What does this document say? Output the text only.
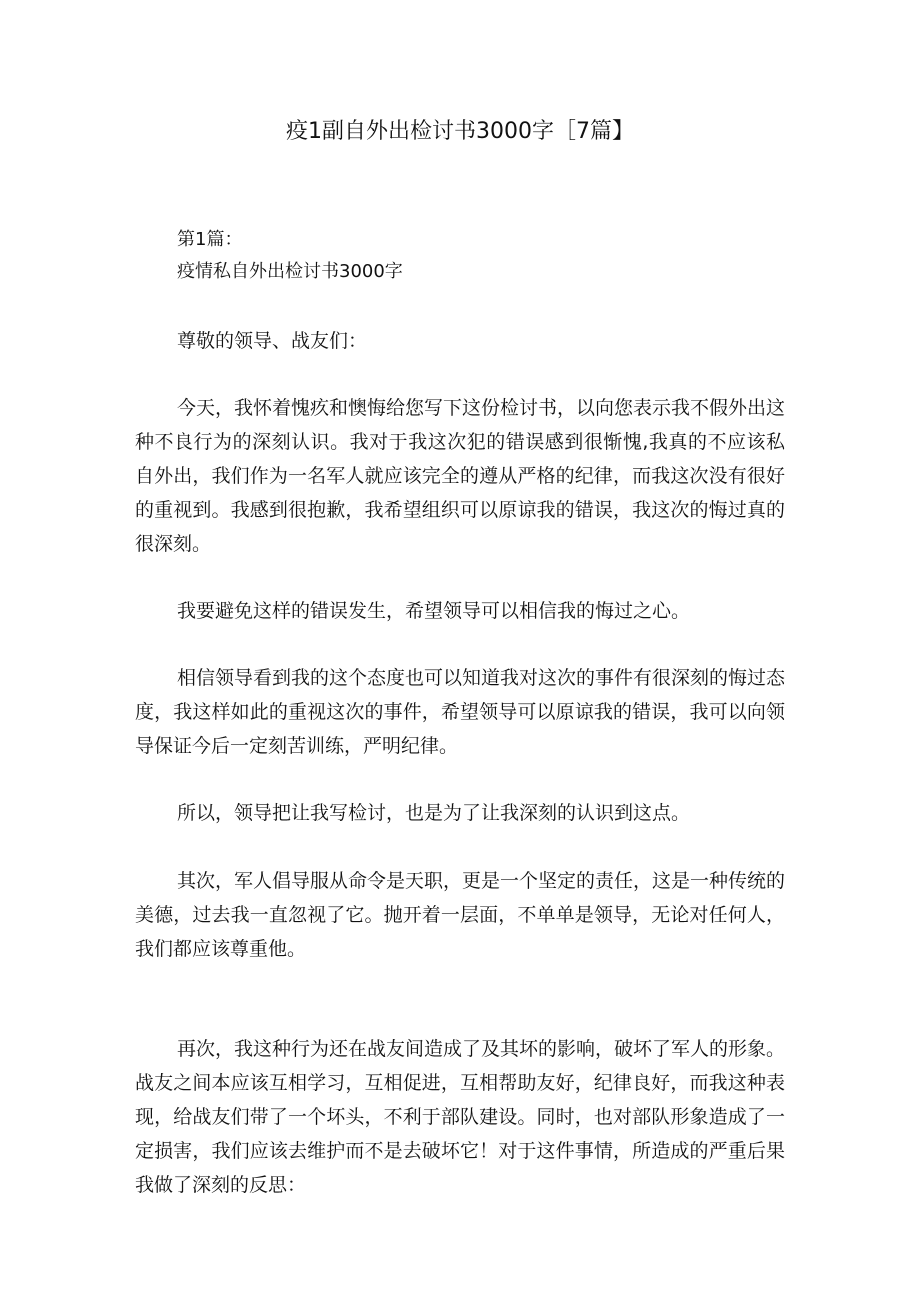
疫1副自外出检讨书3000字［7篇】
第1篇：
疫情私自外出检讨书3000字
尊敬的领导、战友们：
今天，我怀着愧疚和懊悔给您写下这份检讨书，以向您表示我不假外出这种不良行为的深刻认识。我对于我这次犯的错误感到很惭愧,我真的不应该私自外出，我们作为一名军人就应该完全的遵从严格的纪律，而我这次没有很好的重视到。我感到很抱歉，我希望组织可以原谅我的错误，我这次的悔过真的很深刻。
我要避免这样的错误发生，希望领导可以相信我的悔过之心。
相信领导看到我的这个态度也可以知道我对这次的事件有很深刻的悔过态度，我这样如此的重视这次的事件，希望领导可以原谅我的错误，我可以向领导保证今后一定刻苦训练，严明纪律。
所以，领导把让我写检讨，也是为了让我深刻的认识到这点。
其次，军人倡导服从命令是天职，更是一个坚定的责任，这是一种传统的美德，过去我一直忽视了它。抛开着一层面，不单单是领导，无论对任何人，我们都应该尊重他。
再次，我这种行为还在战友间造成了及其坏的影响，破坏了军人的形象。战友之间本应该互相学习，互相促进，互相帮助友好，纪律良好，而我这种表现，给战友们带了一个坏头，不利于部队建设。同时，也对部队形象造成了一定损害，我们应该去维护而不是去破坏它！对于这件事情，所造成的严重后果我做了深刻的反思：
